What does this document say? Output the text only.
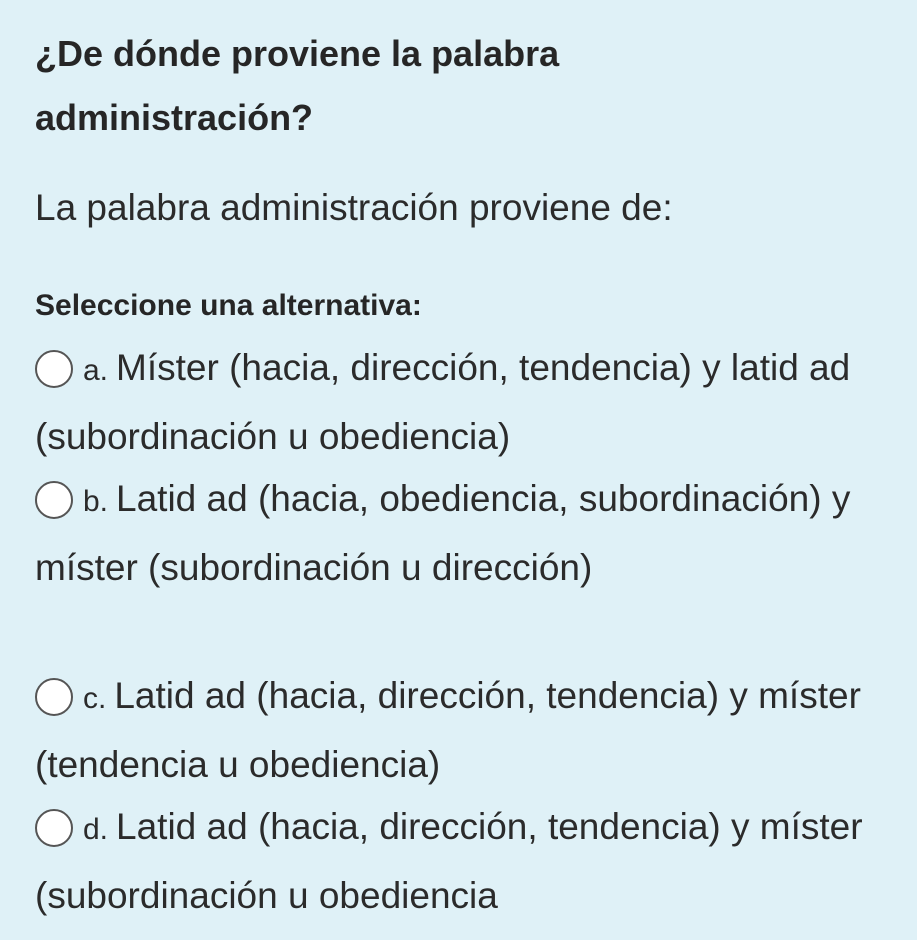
¿De dónde proviene la palabra administración?

La palabra administración proviene de:

Seleccione una alternativa:

a. Míster (hacia, dirección, tendencia) y latid ad (subordinación u obediencia)
b. Latid ad (hacia, obediencia, subordinación) y míster (subordinación u dirección)
c. Latid ad (hacia, dirección, tendencia) y míster (tendencia u obediencia)
d. Latid ad (hacia, dirección, tendencia) y míster (subordinación u obediencia
